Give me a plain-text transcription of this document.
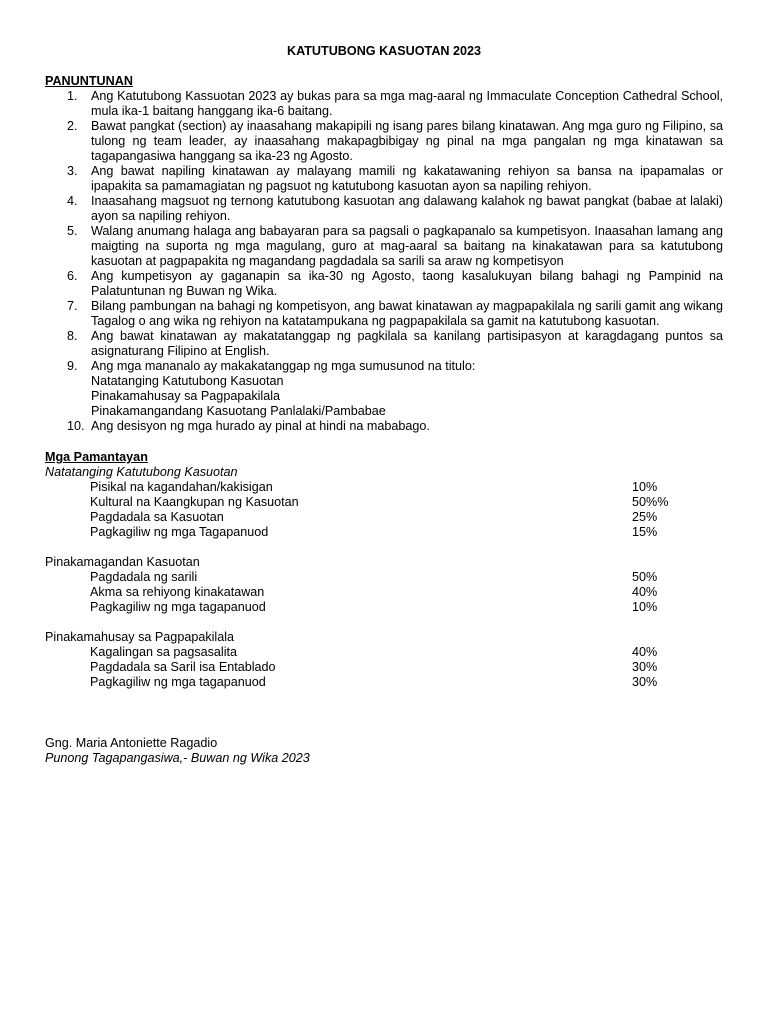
KATUTUBONG KASUOTAN 2023

PANUNTUNAN

1.	Ang Katutubong Kassuotan 2023 ay bukas para sa mga mag-aaral ng Immaculate Conception Cathedral School, mula ika-1 baitang hanggang ika-6 baitang.
2.	Bawat pangkat (section) ay inaasahang makapipili ng isang pares bilang kinatawan. Ang mga guro ng Filipino, sa tulong ng team leader, ay inaasahang makapagbibigay ng pinal na mga pangalan ng mga kinatawan sa tagapangasiwa hanggang sa ika-23 ng Agosto.
3.	Ang bawat napiling kinatawan ay malayang mamili ng kakatawaning rehiyon sa bansa na ipapamalas or ipapakita sa pamamagiatan ng pagsuot ng katutubong kasuotan ayon sa napiling rehiyon.
4.	Inaasahang magsuot ng ternong katutubong kasuotan ang dalawang kalahok ng bawat pangkat (babae at lalaki) ayon sa napiling rehiyon.
5.	Walang anumang halaga ang babayaran para sa pagsali o pagkapanalo sa kumpetisyon. Inaasahan lamang ang maigting na suporta ng mga magulang, guro at mag-aaral sa baitang na kinakatawan para sa katutubong kasuotan at pagpapakita ng magandang pagdadala sa sarili sa araw ng kompetisyon
6.	Ang kumpetisyon ay gaganapin sa ika-30 ng Agosto, taong kasalukuyan bilang bahagi ng Pampinid na Palatuntunan ng Buwan ng Wika.
7.	Bilang pambungan na bahagi ng kompetisyon, ang bawat kinatawan ay magpapakilala ng sarili gamit ang wikang Tagalog o ang wika ng rehiyon na katatampukana ng pagpapakilala sa gamit na katutubong kasuotan.
8.	Ang bawat kinatawan ay makatatanggap ng pagkilala sa kanilang partisipasyon at karagdagang puntos sa asignaturang Filipino at English.
9.	Ang mga mananalo ay makakatanggap ng mga sumusunod na titulo:
Natatanging Katutubong Kasuotan
Pinakamahusay sa Pagpapakilala
Pinakamangandang Kasuotang Panlalaki/Pambabae
10. Ang desisyon ng mga hurado ay pinal at hindi na mababago.

Mga Pamantayan

Natatanging Katutubong Kasuotan

Pisikal na kagandahan/kakisigan	10%
Kultural na Kaangkupan ng Kasuotan	50%%
Pagdadala sa Kasuotan	25%
Pagkagiliw ng mga Tagapanuod	15%

Pinakamagandan Kasuotan

Pagdadala ng sarili	50%
Akma sa rehiyong kinakatawan	40%
Pagkagiliw ng mga tagapanuod	10%

Pinakamahusay sa Pagpapakilala

Kagalingan sa pagsasalita	40%
Pagdadala sa Saril isa Entablado	30%
Pagkagiliw ng mga tagapanuod	30%
Gng. Maria Antoniette Ragadio
Punong Tagapangasiwa,- Buwan ng Wika 2023
